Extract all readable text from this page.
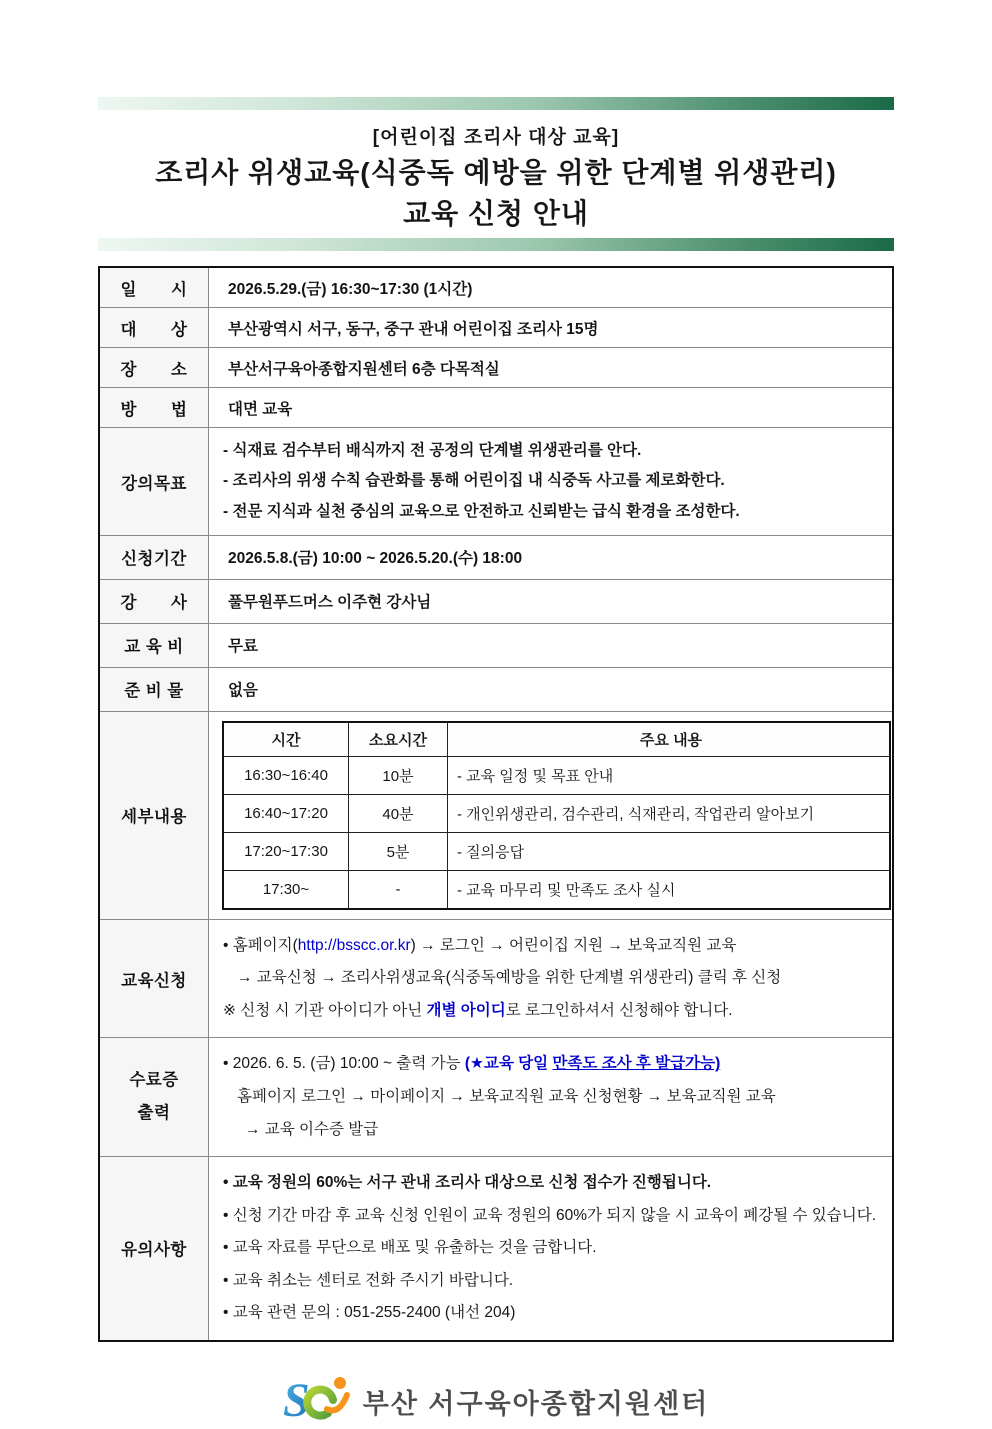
[어린이집 조리사 대상 교육]
조리사 위생교육(식중독 예방을 위한 단계별 위생관리)
교육 신청 안내
일　　시	2026.5.29.(금) 16:30~17:30 (1시간)
대　　상	부산광역시 서구, 동구, 중구 관내 어린이집 조리사 15명
장　　소	부산서구육아종합지원센터 6층 다목적실
방　　법	대면 교육
강의목표	
- 식재료 검수부터 배식까지 전 공정의 단계별 위생관리를 안다.
- 조리사의 위생 수칙 습관화를 통해 어린이집 내 식중독 사고를 제로화한다.
- 전문 지식과 실천 중심의 교육으로 안전하고 신뢰받는 급식 환경을 조성한다.

신청기간	2026.5.8.(금) 10:00 ~ 2026.5.20.(수) 18:00
강　　사	풀무원푸드머스 이주현 강사님
교 육 비	무료
준 비 물	없음
세부내용	
시간	소요시간	주요 내용
16:30~16:40	10분	- 교육 일정 및 목표 안내
16:40~17:20	40분	- 개인위생관리, 검수관리, 식재관리, 작업관리 알아보기
17:20~17:30	5분	- 질의응답
17:30~	-	- 교육 마무리 및 만족도 조사 실시

교육신청	
• 홈페이지(http://bsscc.or.kr) → 로그인 → 어린이집 지원 → 보육교직원 교육
→ 교육신청 → 조리사위생교육(식중독예방을 위한 단계별 위생관리) 클릭 후 신청
※ 신청 시 기관 아이디가 아닌 개별 아이디로 로그인하셔서 신청해야 합니다.

수료증
출력

• 2026. 6. 5. (금) 10:00 ~ 출력 가능 (★교육 당일 만족도 조사 후 발급가능)
홈페이지 로그인 → 마이페이지 → 보육교직원 교육 신청현황 → 보육교직원 교육
→ 교육 이수증 발급

유의사항	
• 교육 정원의 60%는 서구 관내 조리사 대상으로 신청 접수가 진행됩니다.
• 신청 기간 마감 후 교육 신청 인원이 교육 정원의 60%가 되지 않을 시 교육이 폐강될 수 있습니다.
• 교육 자료를 무단으로 배포 및 유출하는 것을 금합니다.
• 교육 취소는 센터로 전화 주시기 바랍니다.
• 교육 관련 문의 : 051-255-2400 (내선 204)
S 부산 서구육아종합지원센터
